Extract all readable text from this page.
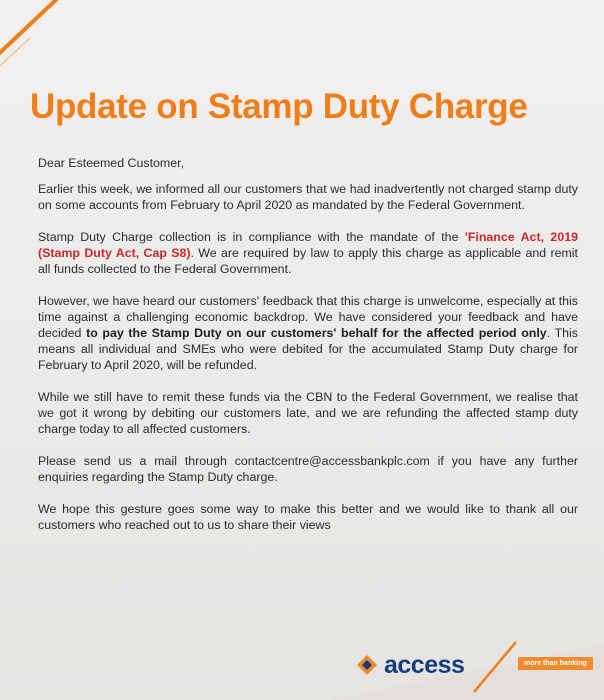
Update on Stamp Duty Charge

Dear Esteemed Customer,

Earlier this week, we informed all our customers that we had inadvertently not charged stamp duty on some accounts from February to April 2020 as mandated by the Federal Government.

Stamp Duty Charge collection is in compliance with the mandate of the 'Finance Act, 2019 (Stamp Duty Act, Cap S8). We are required by law to apply this charge as applicable and remit all funds collected to the Federal Government.

However, we have heard our customers' feedback that this charge is unwelcome, especially at this time against a challenging economic backdrop. We have considered your feedback and have decided to pay the Stamp Duty on our customers' behalf for the affected period only. This means all individual and SMEs who were debited for the accumulated Stamp Duty charge for February to April 2020, will be refunded.

While we still have to remit these funds via the CBN to the Federal Government, we realise that we got it wrong by debiting our customers late, and we are refunding the affected stamp duty charge today to all affected customers.

Please send us a mail through contactcentre@accessbankplc.com if you have any further enquiries regarding the Stamp Duty charge.

We hope this gesture goes some way to make this better and we would like to thank all our customers who reached out to us to share their views

access	more than banking
